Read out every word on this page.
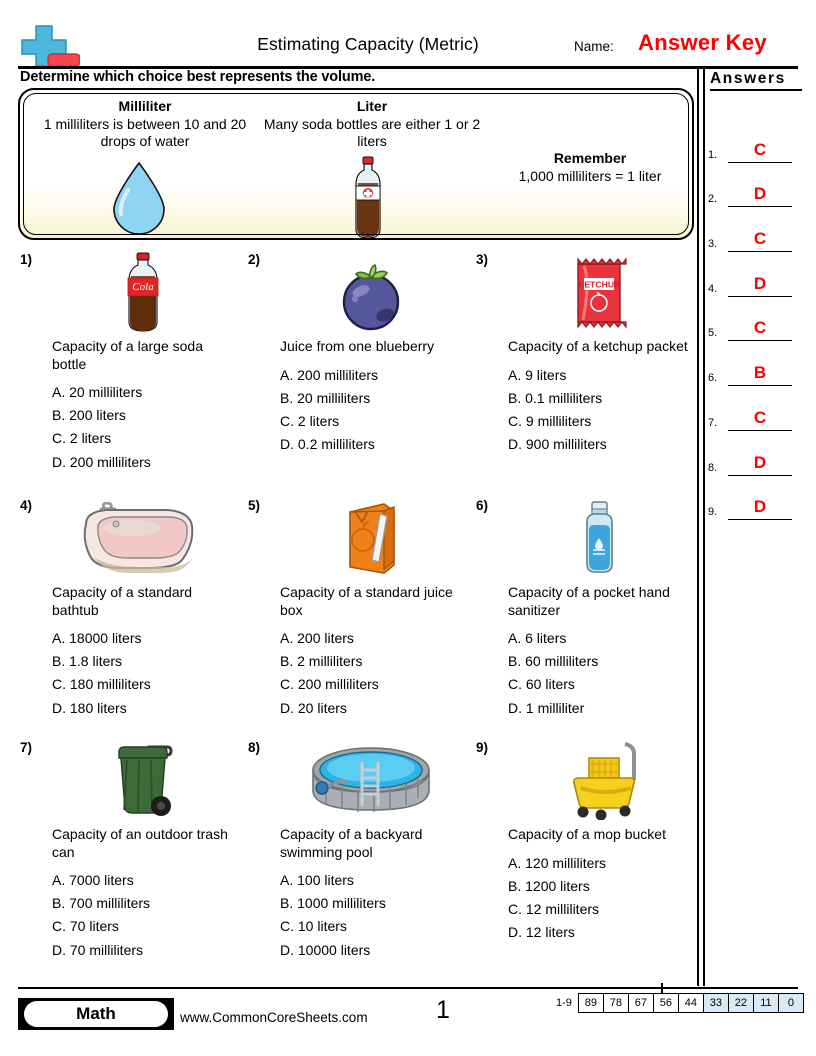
Estimating Capacity (Metric)	Name: Answer Key
Determine which choice best represents the volume.	Answers
1.	C
2.	D
3.	C
4.	D
5.	C
6.	B
7.	C
8.	D
9.	D
Milliliter
1 milliliters is between 10 and 20 drops of water
Liter
Many soda bottles are either 1 or 2 liters
Remember
1,000 milliliters = 1 liter
1)
Cola
Capacity of a large soda bottle
A. 20 milliliters
B. 200 liters
C. 2 liters
D. 200 milliliters
2)
Juice from one blueberry
A. 200 milliliters
B. 20 milliliters
C. 2 liters
D. 0.2 milliliters
3)
KETCHUP
Capacity of a ketchup packet
A. 9 liters
B. 0.1 milliliters
C. 9 milliliters
D. 900 milliliters
4)
Capacity of a standard bathtub
A. 18000 liters
B. 1.8 liters
C. 180 milliliters
D. 180 liters
5)
Capacity of a standard juice box
A. 200 liters
B. 2 milliliters
C. 200 milliliters
D. 20 liters
6)
Capacity of a pocket hand sanitizer
A. 6 liters
B. 60 milliliters
C. 60 liters
D. 1 milliliter
7)
Capacity of an outdoor trash can
A. 7000 liters
B. 700 milliliters
C. 70 liters
D. 70 milliliters
8)
Capacity of a backyard swimming pool
A. 100 liters
B. 1000 milliliters
C. 10 liters
D. 10000 liters
9)
Capacity of a mop bucket
A. 120 milliliters
B. 1200 liters
C. 12 milliliters
D. 12 liters
Math	www.CommonCoreSheets.com	1	1-9	89	78	67	56	44	33	22	11	0
